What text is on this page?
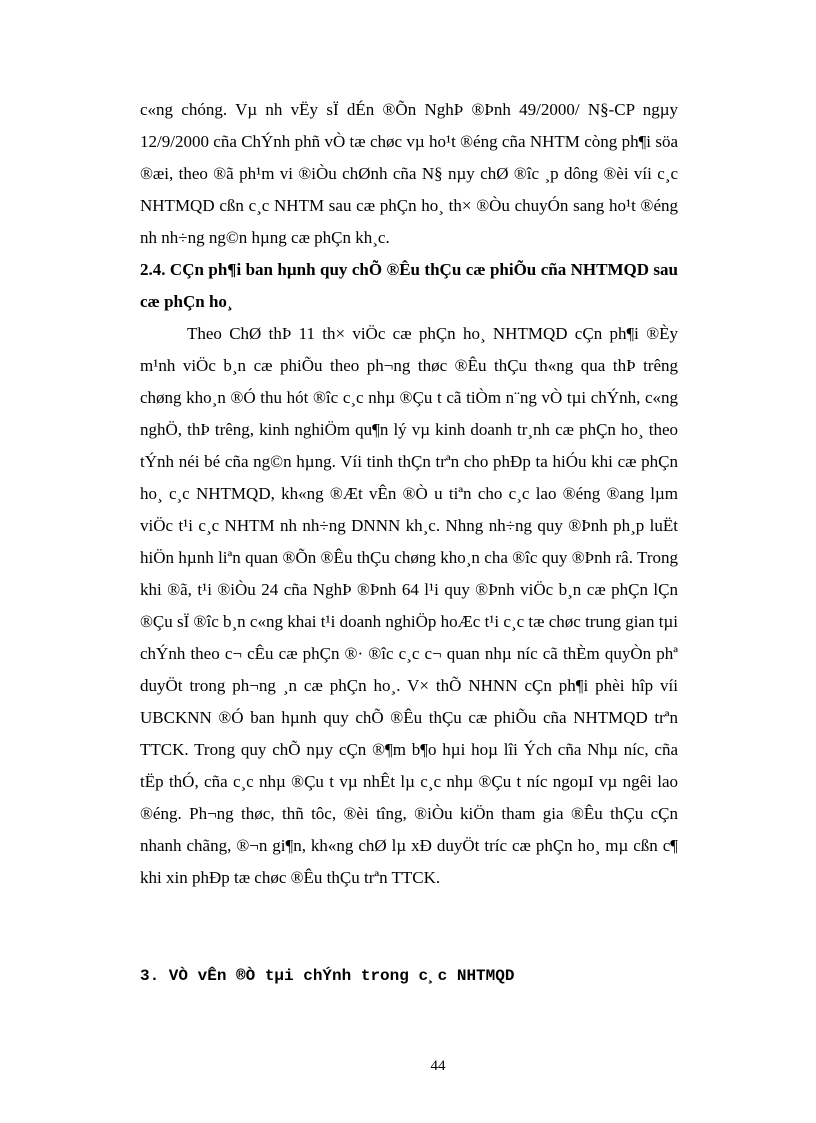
c«ng chóng. Vµ nh vËy sÏ dÉn ®Õn NghÞ ®Þnh 49/2000/ N§-CP ngµy 12/9/2000 cña ChÝnh phñ vÒ tæ chøc vµ ho¹t ®éng cña NHTM còng ph¶i söa ®æi, theo ®ã ph¹m vi ®iÒu chØnh cña N§ nµy chØ ®îc ¸p dông ®èi víi c¸c NHTMQD cßn c¸c NHTM sau cæ phÇn ho¸ th× ®Òu chuyÓn sang ho¹t ®éng nh nh÷ng ng©n hµng cæ phÇn kh¸c.

2.4. CÇn ph¶i ban hµnh quy chÕ ®Êu thÇu cæ phiÕu cña NHTMQD sau cæ phÇn ho¸

Theo ChØ thÞ 11 th× viÖc cæ phÇn ho¸ NHTMQD cÇn ph¶i ®Èy m¹nh viÖc b¸n cæ phiÕu theo ph¬ng thøc ®Êu thÇu th«ng qua thÞ trêng chøng kho¸n ®Ó thu hót ®îc c¸c nhµ ®Çu t cã tiÒm n¨ng vÒ tµi chÝnh, c«ng nghÖ, thÞ trêng, kinh nghiÖm qu¶n lý vµ kinh doanh tr¸nh cæ phÇn ho¸ theo tÝnh néi bé cña ng©n hµng. Víi tinh thÇn trªn cho phÐp ta hiÓu khi cæ phÇn ho¸ c¸c NHTMQD, kh«ng ®Æt vÊn ®Ò u tiªn cho c¸c lao ®éng ®ang lµm viÖc t¹i c¸c NHTM nh nh÷ng DNNN kh¸c. Nhng nh÷ng quy ®Þnh ph¸p luËt hiÖn hµnh liªn quan ®Õn ®Êu thÇu chøng kho¸n cha ®îc quy ®Þnh râ. Trong khi ®ã, t¹i ®iÒu 24 cña NghÞ ®Þnh 64 l¹i quy ®Þnh viÖc b¸n cæ phÇn lÇn ®Çu sÏ ®îc b¸n c«ng khai t¹i doanh nghiÖp hoÆc t¹i c¸c tæ chøc trung gian tµi chÝnh theo c¬ cÊu cæ phÇn ®· ®îc c¸c c¬ quan nhµ níc cã thÈm quyÒn phª duyÖt trong ph¬ng ¸n cæ phÇn ho¸. V× thÕ NHNN cÇn ph¶i phèi hîp víi UBCKNN ®Ó ban hµnh quy chÕ ®Êu thÇu cæ phiÕu cña NHTMQD trªn TTCK. Trong quy chÕ nµy cÇn ®¶m b¶o hµi hoµ lîi Ých cña Nhµ níc, cña tËp thÓ, cña c¸c nhµ ®Çu t vµ nhÊt lµ c¸c nhµ ®Çu t níc ngoµI vµ ngêi lao ®éng. Ph¬ng thøc, thñ tôc, ®èi tîng, ®iÒu kiÖn tham gia ®Êu thÇu cÇn nhanh chãng, ®¬n gi¶n, kh«ng chØ lµ xÐ duyÖt tríc cæ phÇn ho¸ mµ cßn c¶ khi xin phÐp tæ chøc ®Êu thÇu trªn TTCK.

3. VÒ vÊn ®Ò tµi chÝnh trong c¸c NHTMQD
44
